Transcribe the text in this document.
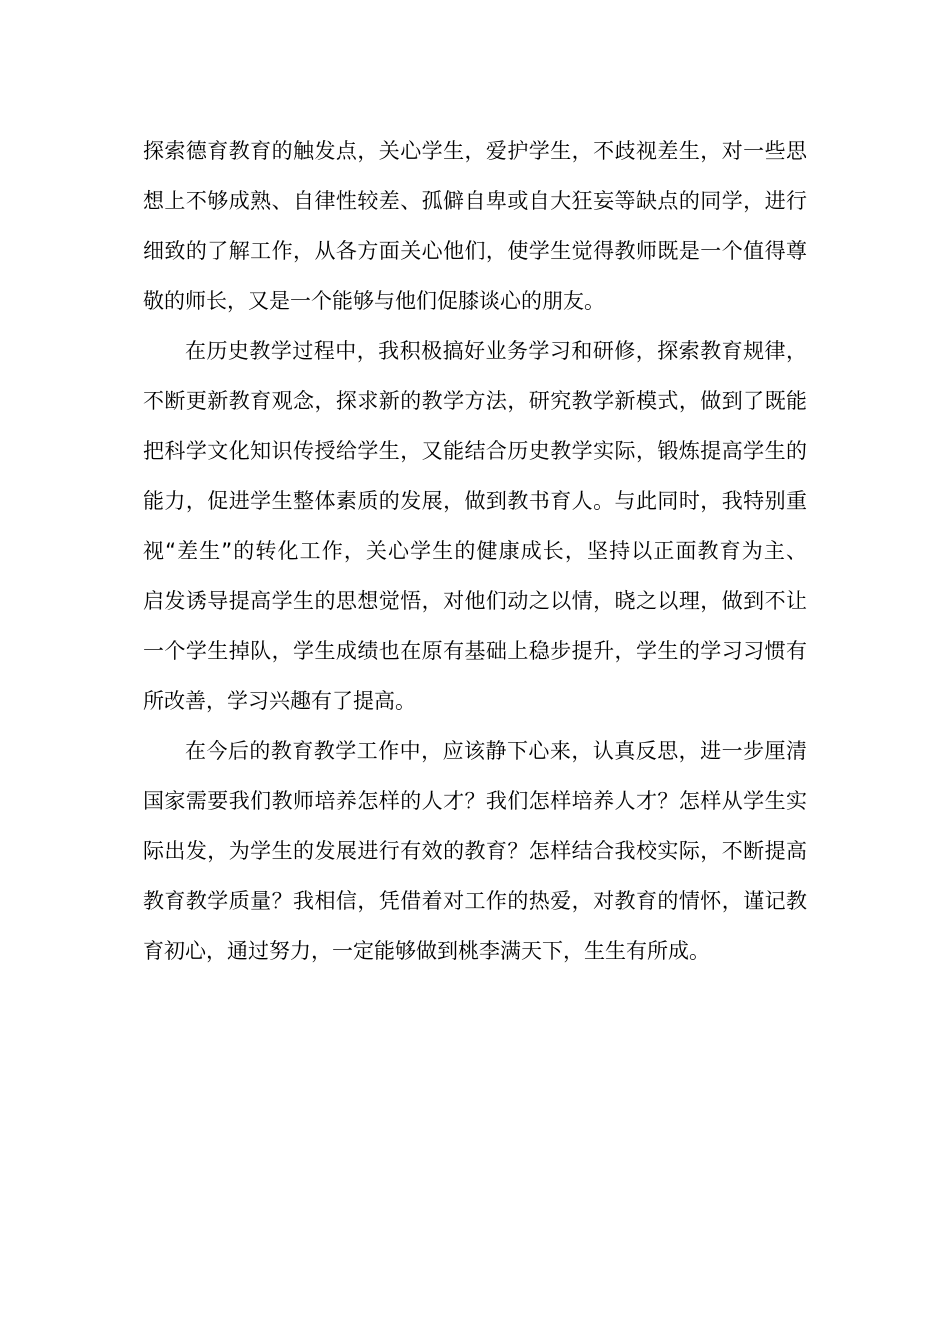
探索德育教育的触发点，关心学生，爱护学生，不歧视差生，对一些思
想上不够成熟、自律性较差、孤僻自卑或自大狂妄等缺点的同学，进行
细致的了解工作，从各方面关心他们，使学生觉得教师既是一个值得尊
敬的师长，又是一个能够与他们促膝谈心的朋友。
在历史教学过程中，我积极搞好业务学习和研修，探索教育规律，
不断更新教育观念，探求新的教学方法，研究教学新模式，做到了既能
把科学文化知识传授给学生，又能结合历史教学实际，锻炼提高学生的
能力，促进学生整体素质的发展，做到教书育人。与此同时，我特别重
视“差生”的转化工作，关心学生的健康成长，坚持以正面教育为主、
启发诱导提高学生的思想觉悟，对他们动之以情，晓之以理，做到不让
一个学生掉队，学生成绩也在原有基础上稳步提升，学生的学习习惯有
所改善，学习兴趣有了提高。
在今后的教育教学工作中，应该静下心来，认真反思，进一步厘清
国家需要我们教师培养怎样的人才？我们怎样培养人才？怎样从学生实
际出发，为学生的发展进行有效的教育？怎样结合我校实际，不断提高
教育教学质量？我相信，凭借着对工作的热爱，对教育的情怀，谨记教
育初心，通过努力，一定能够做到桃李满天下，生生有所成。
